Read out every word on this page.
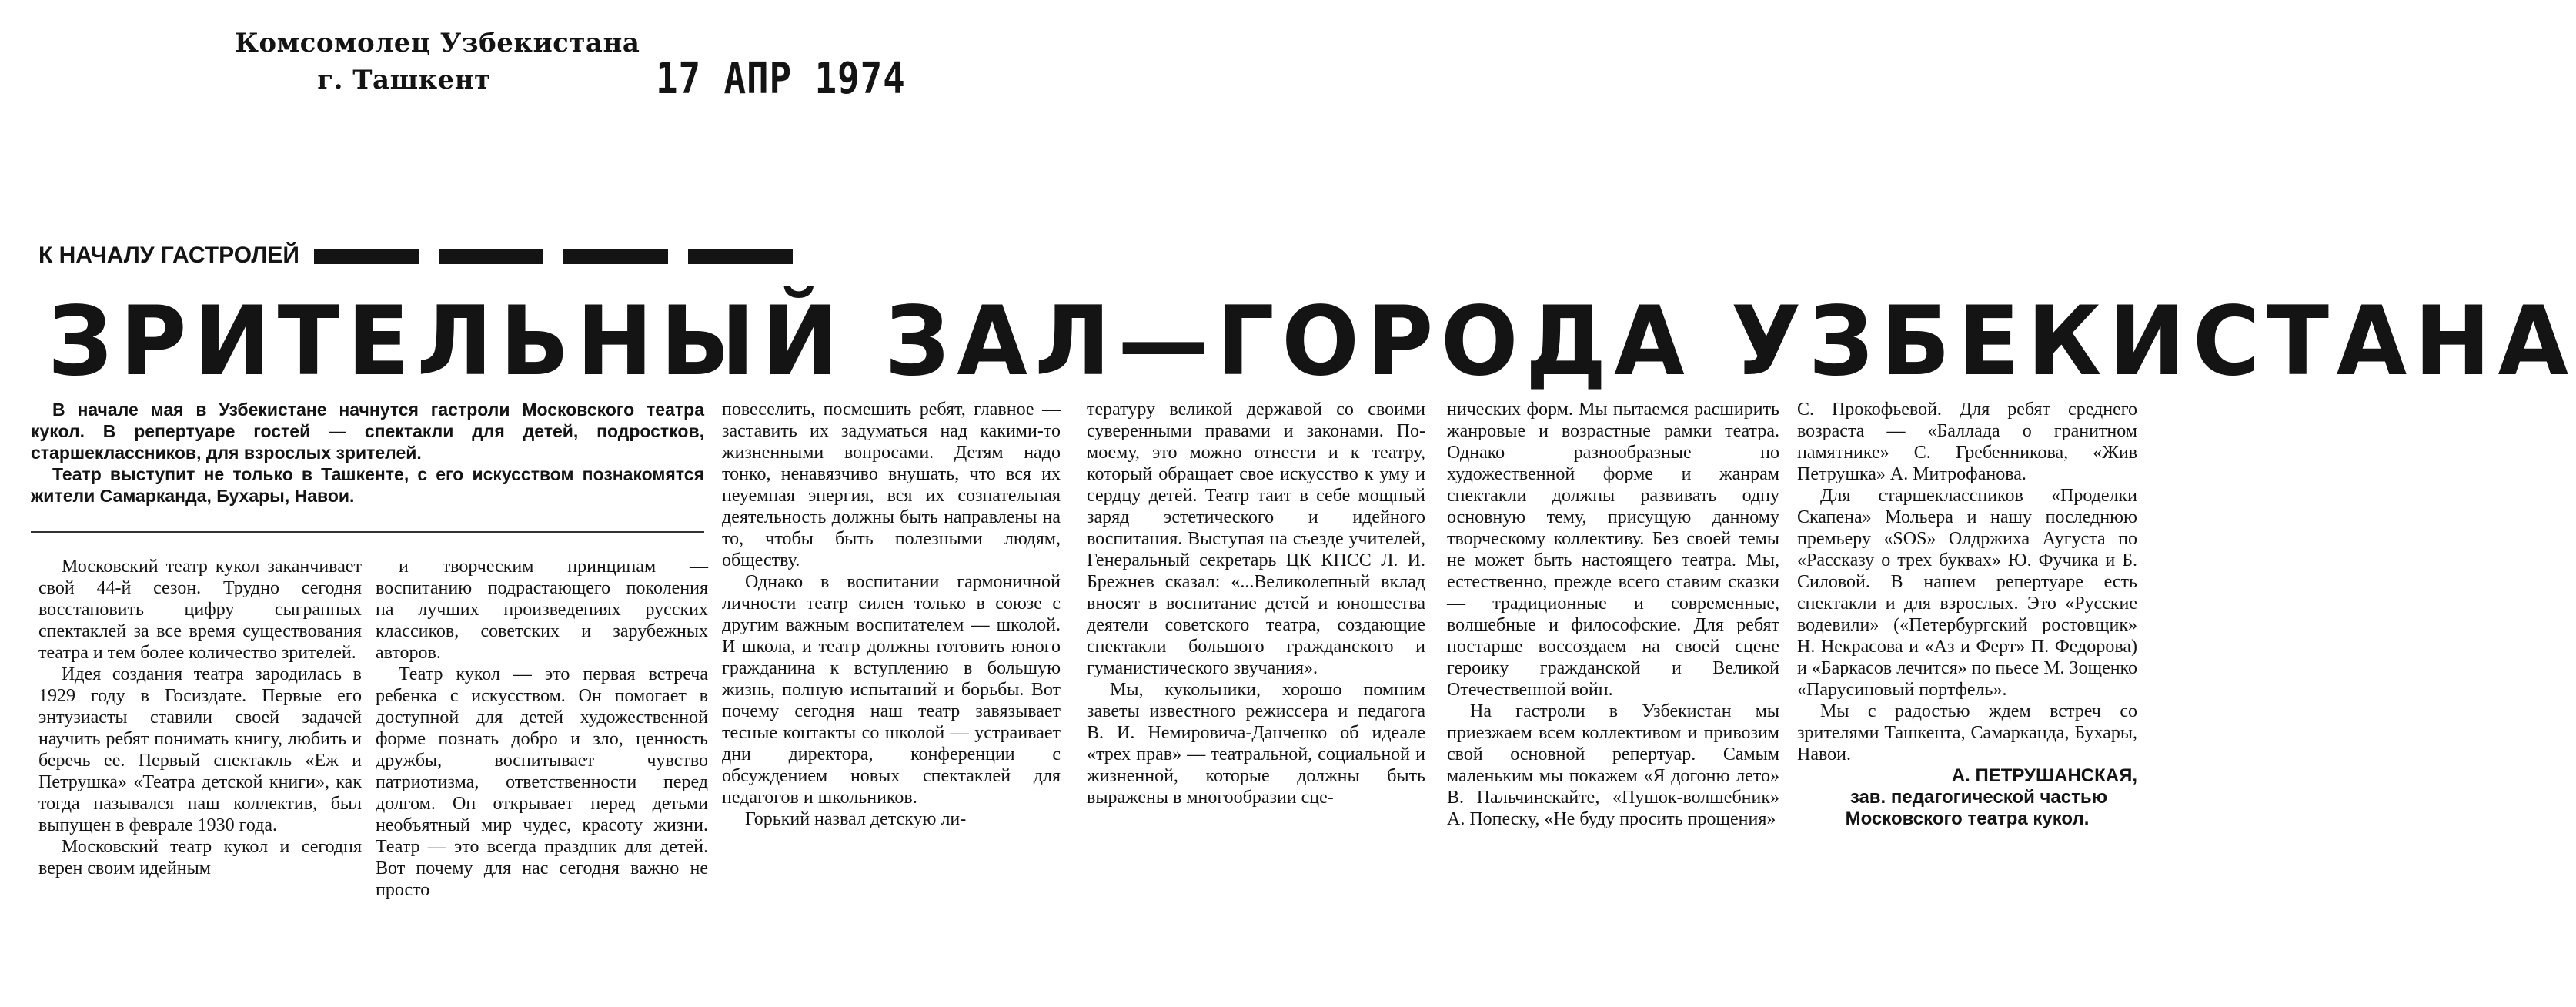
Комсомолец Узбекистана
г. Ташкент	17 АПР 1974
К НАЧАЛУ ГАСТРОЛЕЙ
ЗРИТЕЛЬНЫЙ ЗАЛ—ГОРОДА УЗБЕКИСТАНА

В начале мая в Узбекистане начнутся гастроли Московского театра кукол. В репертуаре гостей — спектакли для детей, подростков, старшеклассников, для взрослых зрителей.

Театр выступит не только в Ташкенте, с его искусством познакомятся жители Самарканда, Бухары, Навои.

Московский театр кукол заканчивает свой 44-й сезон. Трудно сегодня восстановить цифру сыгранных спектаклей за все время существования театра и тем более количество зрителей.

Идея создания театра зародилась в 1929 году в Госиздате. Первые его энтузиасты ставили своей задачей научить ребят понимать книгу, любить и беречь ее. Первый спектакль «Еж и Петрушка» «Театра детской книги», как тогда назывался наш коллектив, был выпущен в феврале 1930 года.

Московский театр кукол и сегодня верен своим идейным

и творческим принципам — воспитанию подрастающего поколения на лучших произведениях русских классиков, советских и зарубежных авторов.

Театр кукол — это первая встреча ребенка с искусством. Он помогает в доступной для детей художественной форме познать добро и зло, ценность дружбы, воспитывает чувство патриотизма, ответственности перед долгом. Он открывает перед детьми необъятный мир чудес, красоту жизни. Театр — это всегда праздник для детей. Вот почему для нас сегодня важно не просто

повеселить, посмешить ребят, главное — заставить их задуматься над какими-то жизненными вопросами. Детям надо тонко, ненавязчиво внушать, что вся их неуемная энергия, вся их сознательная деятельность должны быть направлены на то, чтобы быть полезными людям, обществу.

Однако в воспитании гармоничной личности театр силен только в союзе с другим важным воспитателем — школой. И школа, и театр должны готовить юного гражданина к вступлению в большую жизнь, полную испытаний и борьбы. Вот почему сегодня наш театр завязывает тесные контакты со школой — устраивает дни директора, конференции с обсуждением новых спектаклей для педагогов и школьников.

Горький назвал детскую ли-

тературу великой державой со своими суверенными правами и законами. По-моему, это можно отнести и к театру, который обращает свое искусство к уму и сердцу детей. Театр таит в себе мощный заряд эстетического и идейного воспитания. Выступая на съезде учителей, Генеральный секретарь ЦК КПСС Л. И. Брежнев сказал: «...Великолепный вклад вносят в воспитание детей и юношества деятели советского театра, создающие спектакли большого гражданского и гуманистического звучания».

Мы, кукольники, хорошо помним заветы известного режиссера и педагога В. И. Немировича-Данченко об идеале «трех прав» — театральной, социальной и жизненной, которые должны быть выражены в многообразии сце-

нических форм. Мы пытаемся расширить жанровые и возрастные рамки театра. Однако разнообразные по художественной форме и жанрам спектакли должны развивать одну основную тему, присущую данному творческому коллективу. Без своей темы не может быть настоящего театра. Мы, естественно, прежде всего ставим сказки — традиционные и современные, волшебные и философские. Для ребят постарше воссоздаем на своей сцене героику гражданской и Великой Отечественной войн.

На гастроли в Узбекистан мы приезжаем всем коллективом и привозим свой основной репертуар. Самым маленьким мы покажем «Я догоню лето» В. Пальчинскайте, «Пушок-волшебник» А. Попеску, «Не буду просить прощения»

С. Прокофьевой. Для ребят среднего возраста — «Баллада о гранитном памятнике» С. Гребенникова, «Жив Петрушка» А. Митрофанова.

Для старшеклассников «Проделки Скапена» Мольера и нашу последнюю премьеру «SOS» Олдржиха Аугуста по «Рассказу о трех буквах» Ю. Фучика и Б. Силовой. В нашем репертуаре есть спектакли и для взрослых. Это «Русские водевили» («Петербургский ростовщик» Н. Некрасова и «Аз и Ферт» П. Федорова) и «Баркасов лечится» по пьесе М. Зощенко «Парусиновый портфель».

Мы с радостью ждем встреч со зрителями Ташкента, Самарканда, Бухары, Навои.

А. ПЕТРУШАНСКАЯ,

зав. педагогической частью Московского театра кукол.
